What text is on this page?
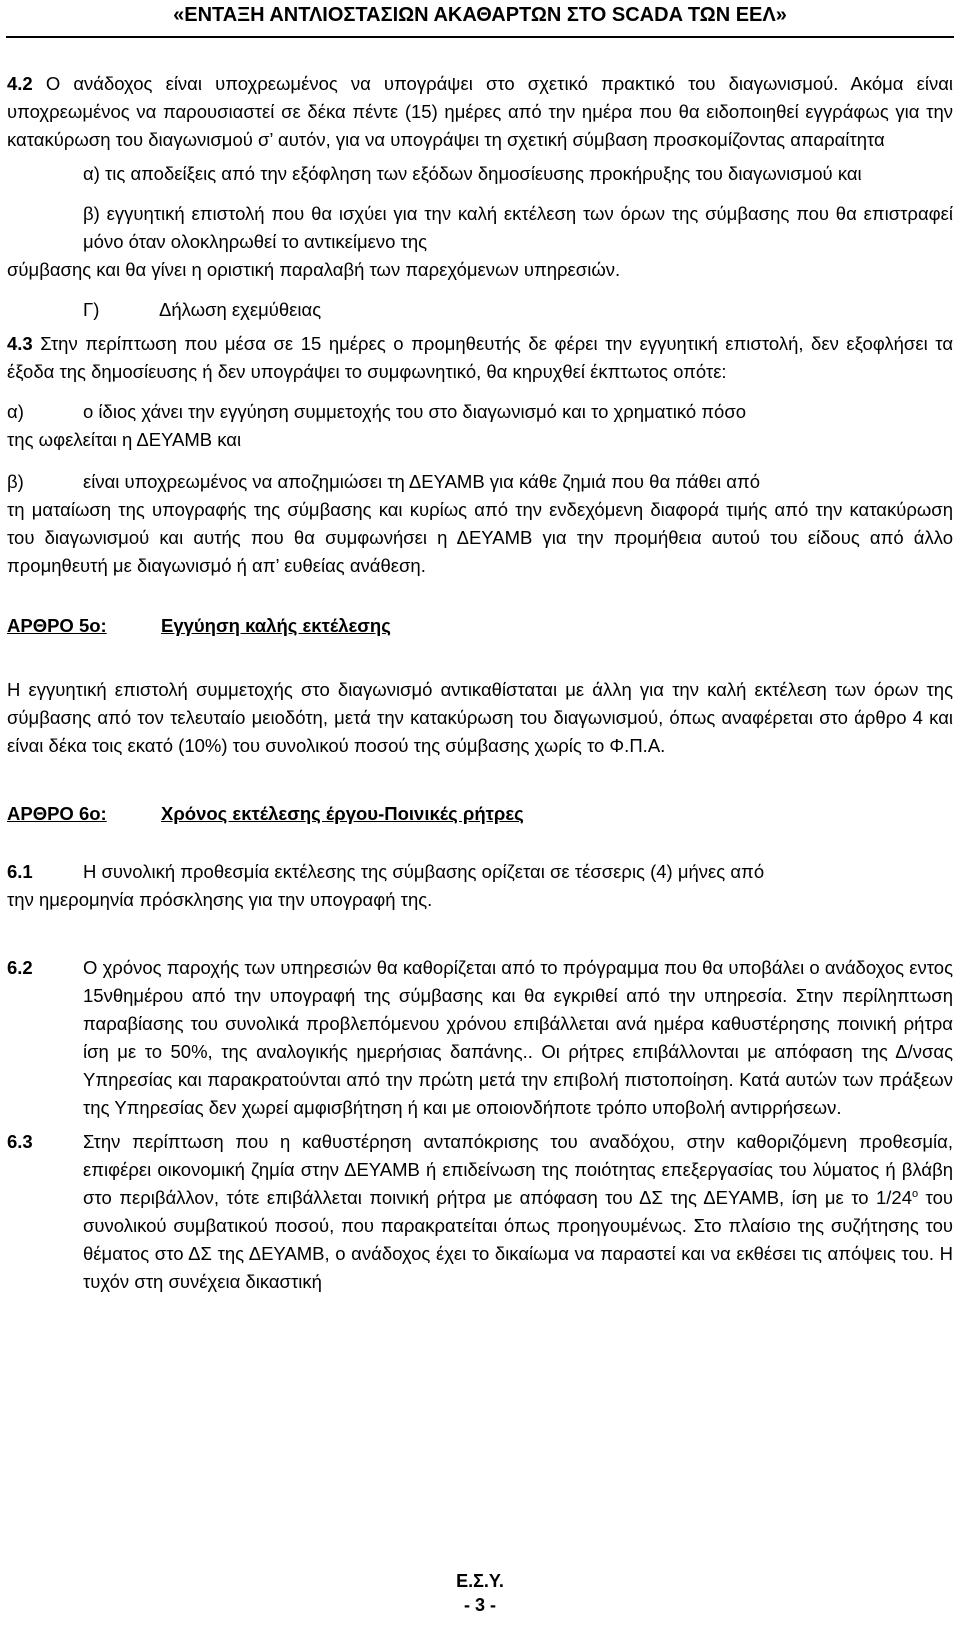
«ΕΝΤΑΞΗ ΑΝΤΛΙΟΣΤΑΣΙΩΝ ΑΚΑΘΑΡΤΩΝ ΣΤΟ SCADA ΤΩΝ ΕΕΛ»

4.2 Ο ανάδοχος είναι υποχρεωμένος να υπογράψει στο σχετικό πρακτικό του διαγωνισμού. Ακόμα είναι υποχρεωμένος να παρουσιαστεί σε δέκα πέντε (15) ημέρες από την ημέρα που θα ειδοποιηθεί εγγράφως για την κατακύρωση του διαγωνισμού σ’ αυτόν, για να υπογράψει τη σχετική σύμβαση προσκομίζοντας απαραίτητα

α) τις αποδείξεις από την εξόφληση των εξόδων δημοσίευσης προκήρυξης του διαγωνισμού και
β) εγγυητική επιστολή που θα ισχύει για την καλή εκτέλεση των όρων της σύμβασης που θα επιστραφεί μόνο όταν ολοκληρωθεί το αντικείμενο της
σύμβασης και θα γίνει η οριστική παραλαβή των παρεχόμενων υπηρεσιών.
Γ)	Δήλωση εχεμύθειας

4.3 Στην περίπτωση που μέσα σε 15 ημέρες ο προμηθευτής δε φέρει την εγγυητική επιστολή, δεν εξοφλήσει τα έξοδα της δημοσίευσης ή δεν υπογράψει το συμφωνητικό, θα κηρυχθεί έκπτωτος οπότε:

α)	ο ίδιος χάνει την εγγύηση συμμετοχής του στο διαγωνισμό και το χρηματικό πόσο
της ωφελείται η ΔΕΥΑΜΒ και
β)	είναι υποχρεωμένος να αποζημιώσει τη ΔΕΥΑΜΒ για κάθε ζημιά που θα πάθει από
τη ματαίωση της υπογραφής της σύμβασης και κυρίως από την ενδεχόμενη διαφορά τιμής από την κατακύρωση του διαγωνισμού και αυτής που θα συμφωνήσει η ΔΕΥΑΜΒ για την προμήθεια αυτού του είδους από άλλο προμηθευτή με διαγωνισμό ή απ’ ευθείας ανάθεση.
ΑΡΘΡΟ 5ο:	Εγγύηση καλής εκτέλεσης

Η εγγυητική επιστολή συμμετοχής στο διαγωνισμό αντικαθίσταται με άλλη για την καλή εκτέλεση των όρων της σύμβασης από τον τελευταίο μειοδότη, μετά την κατακύρωση του διαγωνισμού, όπως αναφέρεται στο άρθρο 4 και είναι δέκα τοις εκατό (10%) του συνολικού ποσού της σύμβασης χωρίς το Φ.Π.Α.

ΑΡΘΡΟ 6ο:	Χρόνος εκτέλεσης έργου-Ποινικές ρήτρες
6.1	Η συνολική προθεσμία εκτέλεσης της σύμβασης ορίζεται σε τέσσερις (4) μήνες από
την ημερομηνία πρόσκλησης για την υπογραφή της.
6.2	Ο χρόνος παροχής των υπηρεσιών θα καθορίζεται από το πρόγραμμα που θα υποβάλει ο ανάδοχος εντος 15νθημέρου από την υπογραφή της σύμβασης και θα εγκριθεί από την υπηρεσία. Στην περίληπτωση παραβίασης του συνολικά προβλεπόμενου χρόνου επιβάλλεται ανά ημέρα καθυστέρησης ποινική ρήτρα ίση με το 50%, της αναλογικής ημερήσιας δαπάνης.. Οι ρήτρες επιβάλλονται με απόφαση της Δ/νσας Υπηρεσίας και παρακρατούνται από την πρώτη μετά την επιβολή πιστοποίηση. Κατά αυτών των πράξεων της Υπηρεσίας δεν χωρεί αμφισβήτηση ή και με οποιονδήποτε τρόπο υποβολή αντιρρήσεων.
6.3	Στην περίπτωση που η καθυστέρηση ανταπόκρισης του αναδόχου, στην καθοριζόμενη προθεσμία, επιφέρει οικονομική ζημία στην ΔΕΥΑΜΒ ή επιδείνωση της ποιότητας επεξεργασίας του λύματος ή βλάβη στο περιβάλλον, τότε επιβάλλεται ποινική ρήτρα με απόφαση του ΔΣ της ΔΕΥΑΜΒ, ίση με το $1/24^o$ του συνολικού συμβατικού ποσού, που παρακρατείται όπως προηγουμένως. Στο πλαίσιο της συζήτησης του θέματος στο ΔΣ της ΔΕΥΑΜΒ, ο ανάδοχος έχει το δικαίωμα να παραστεί και να εκθέσει τις απόψεις του. Η τυχόν στη συνέχεια δικαστική
Ε.Σ.Υ.
- 3 -
